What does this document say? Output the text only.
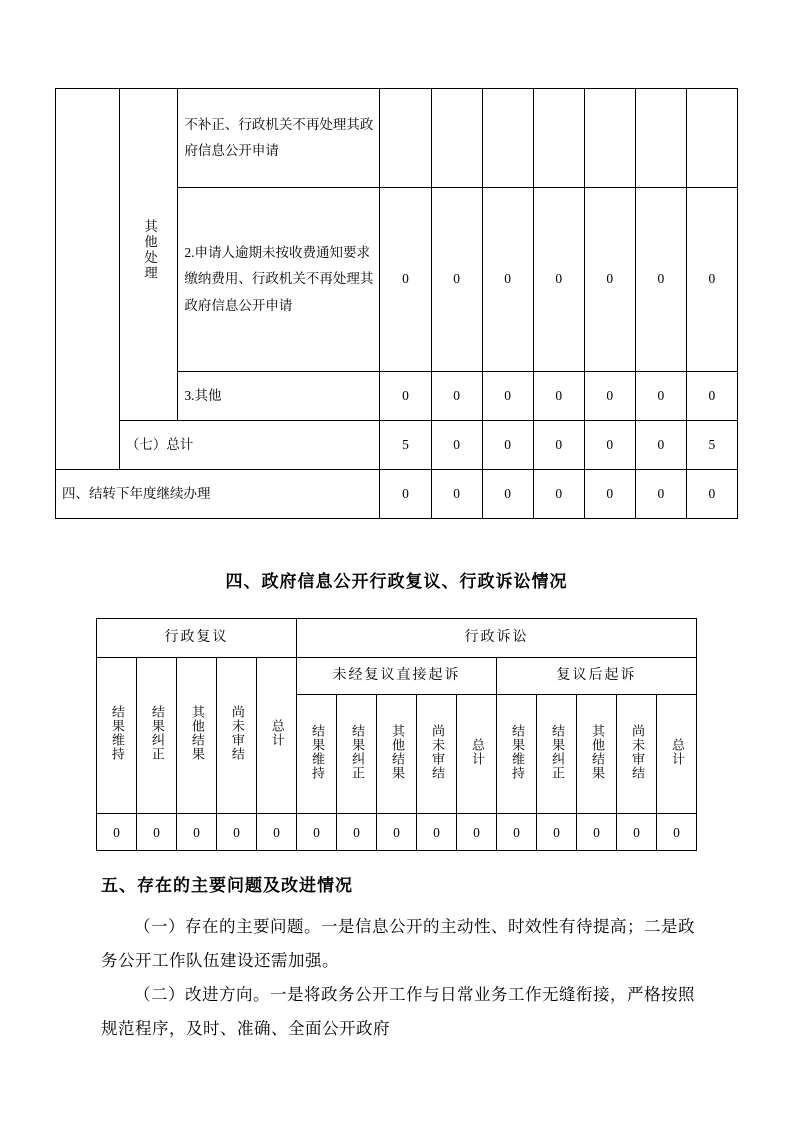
	其他处理	不补正、行政机关不再处理其政府信息公开申请							
		2.申请人逾期未按收费通知要求缴纳费用、行政机关不再处理其政府信息公开申请	0	0	0	0	0	0	0
		3.其他	0	0	0	0	0	0	0
	（七）总计		5	0	0	0	0	0	5
四、结转下年度继续办理			0	0	0	0	0	0	0
四、政府信息公开行政复议、行政诉讼情况
行政复议					行政诉讼									
结果维持	结果纠正	其他结果	尚未审结	总计	未经复议直接起诉					复议后起诉				
					结果维持	结果纠正	其他结果	尚未审结	总计	结果维持	结果纠正	其他结果	尚未审结	总计
0	0	0	0	0	0	0	0	0	0	0	0	0	0	0
五、存在的主要问题及改进情况

（一）存在的主要问题。一是信息公开的主动性、时效性有待提高；二是政务公开工作队伍建设还需加强。

（二）改进方向。一是将政务公开工作与日常业务工作无缝衔接，严格按照规范程序，及时、准确、全面公开政府
